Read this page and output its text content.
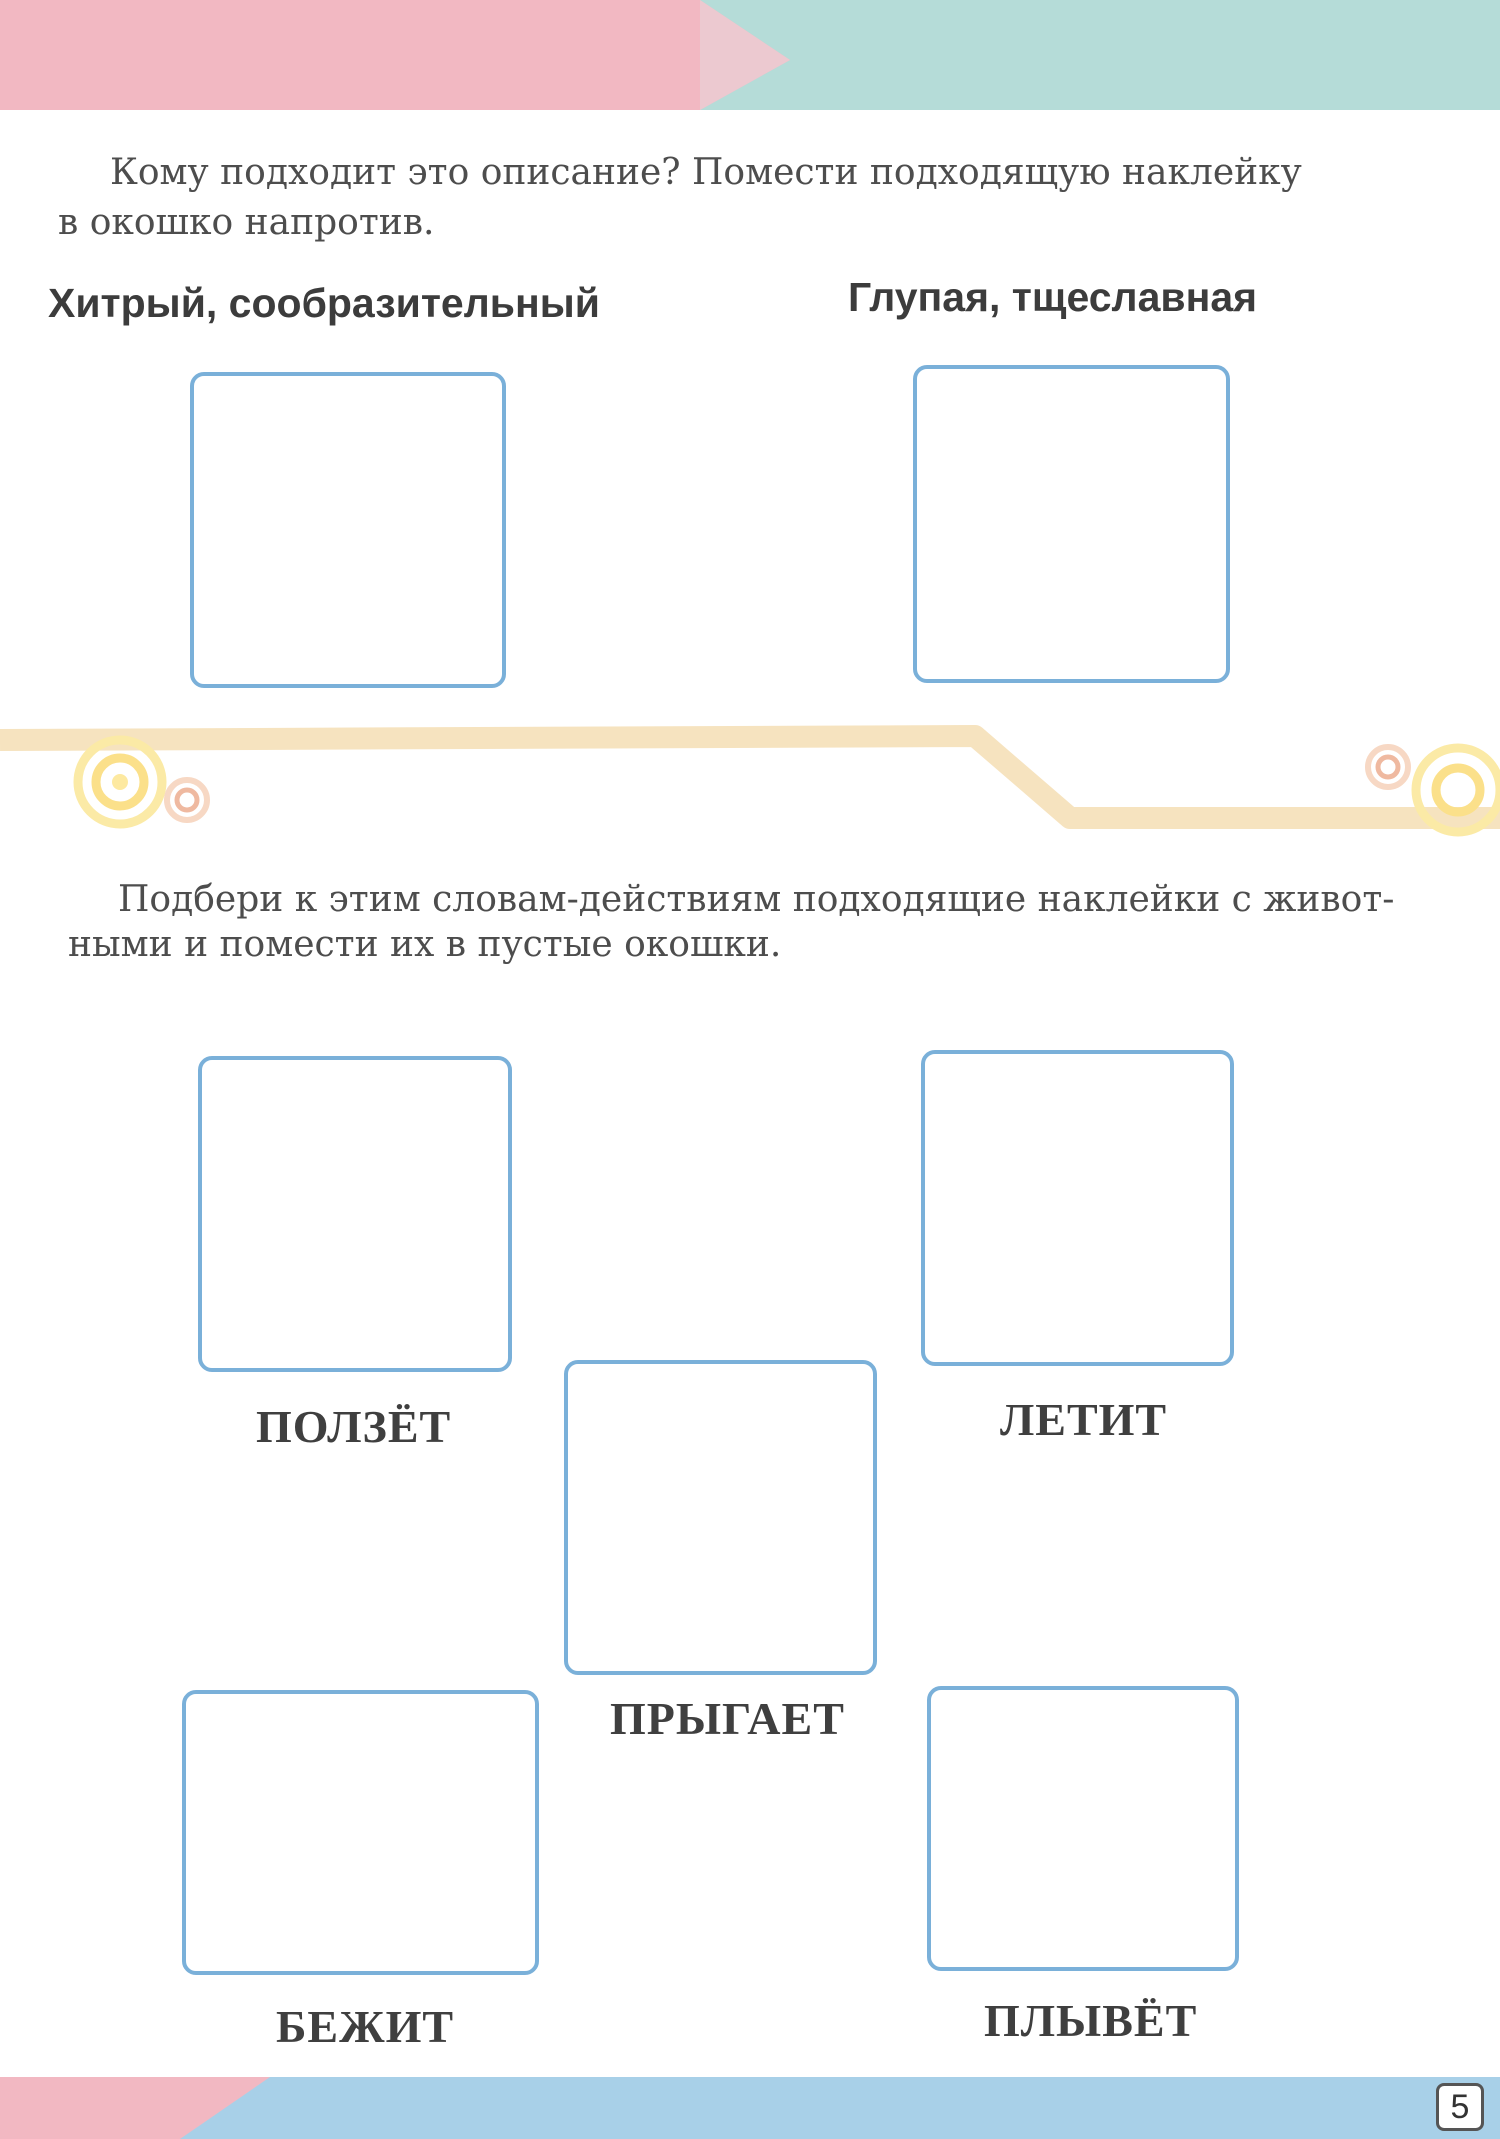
Кому подходит это описание? Помести подходящую наклейку

в окошко напротив.

Хитрый, сообразительный	Глупая, тщеславная

Подбери к этим словам-действиям подходящие наклейки с живот-

ными и помести их в пустые окошки.

ПОЛЗЁТ	ЛЕТИТ
ПРЫГАЕТ
БЕЖИТ	ПЛЫВЁТ
5
